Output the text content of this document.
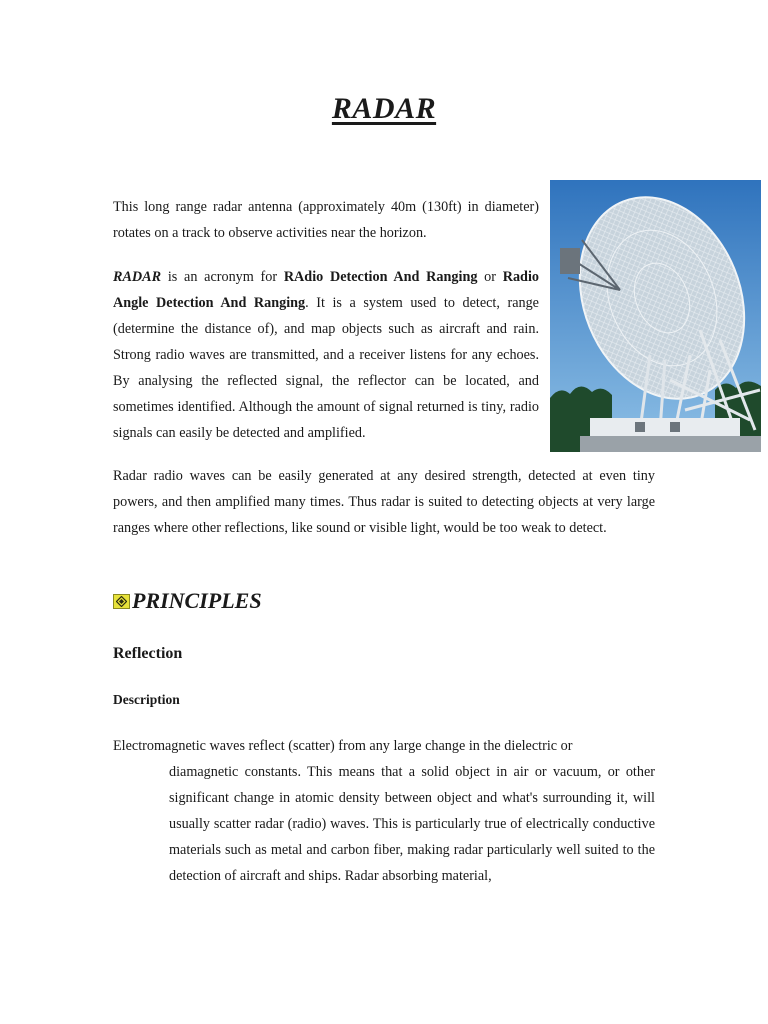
RADAR

This long range radar antenna (approximately 40m (130ft) in diameter) rotates on a track to observe activities near the horizon.

RADAR is an acronym for RAdio Detection And Ranging or Radio Angle Detection And Ranging. It is a system used to detect, range (determine the distance of), and map objects such as aircraft and rain. Strong radio waves are transmitted, and a receiver listens for any echoes. By analysing the reflected signal, the reflector can be located, and sometimes identified. Although the amount of signal returned is tiny, radio signals can easily be detected and amplified.

Radar radio waves can be easily generated at any desired strength, detected at even tiny powers, and then amplified many times. Thus radar is suited to detecting objects at very large ranges where other reflections, like sound or visible light, would be too weak to detect.

PRINCIPLES
Reflection
Description

Electromagnetic waves reflect (scatter) from any large change in the dielectric or
diamagnetic constants. This means that a solid object in air or vacuum, or other significant change in atomic density between object and what's surrounding it, will usually scatter radar (radio) waves. This is particularly true of electrically conductive materials such as metal and carbon fiber, making radar particularly well suited to the detection of aircraft and ships. Radar absorbing material,
